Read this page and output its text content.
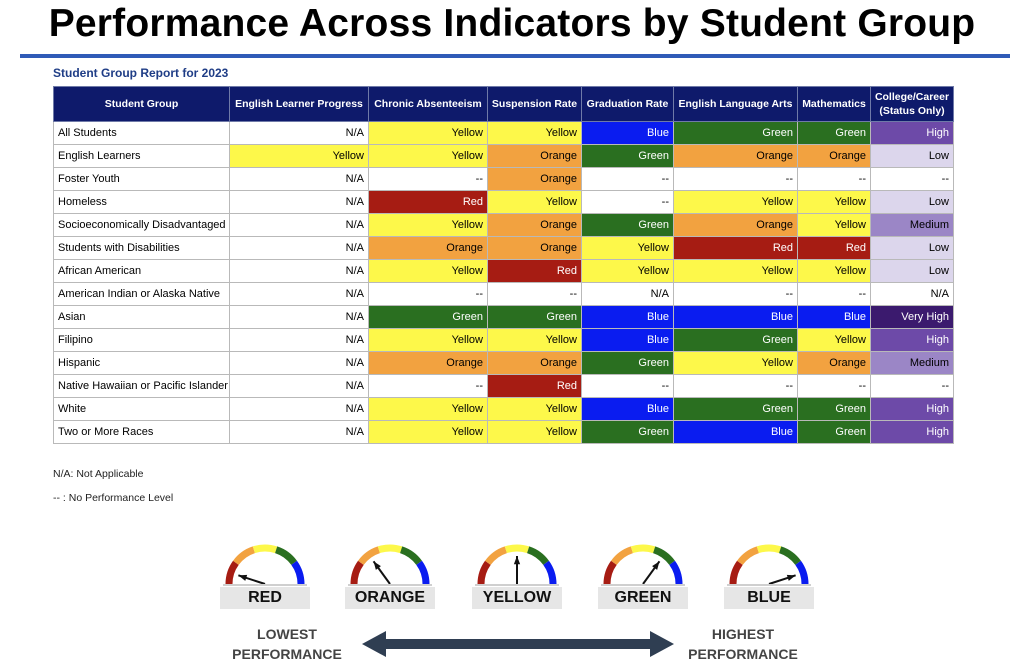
Performance Across Indicators by Student Group
Student Group Report for 2023
Student Group	English Learner Progress	Chronic Absenteeism	Suspension Rate	Graduation Rate	English Language Arts	Mathematics	College/Career (Status Only)
All Students	N/A	Yellow	Yellow	Blue	Green	Green	High
English Learners	Yellow	Yellow	Orange	Green	Orange	Orange	Low
Foster Youth	N/A	--	Orange	--	--	--	--
Homeless	N/A	Red	Yellow	--	Yellow	Yellow	Low
Socioeconomically Disadvantaged	N/A	Yellow	Orange	Green	Orange	Yellow	Medium
Students with Disabilities	N/A	Orange	Orange	Yellow	Red	Red	Low
African American	N/A	Yellow	Red	Yellow	Yellow	Yellow	Low
American Indian or Alaska Native	N/A	--	--	N/A	--	--	N/A
Asian	N/A	Green	Green	Blue	Blue	Blue	Very High
Filipino	N/A	Yellow	Yellow	Blue	Green	Yellow	High
Hispanic	N/A	Orange	Orange	Green	Yellow	Orange	Medium
Native Hawaiian or Pacific Islander	N/A	--	Red	--	--	--	--
White	N/A	Yellow	Yellow	Blue	Green	Green	High
Two or More Races	N/A	Yellow	Yellow	Green	Blue	Green	High
N/A: Not Applicable
-- : No Performance Level
RED	ORANGE	YELLOW	GREEN	BLUE
LOWEST
PERFORMANCE
HIGHEST
PERFORMANCE
